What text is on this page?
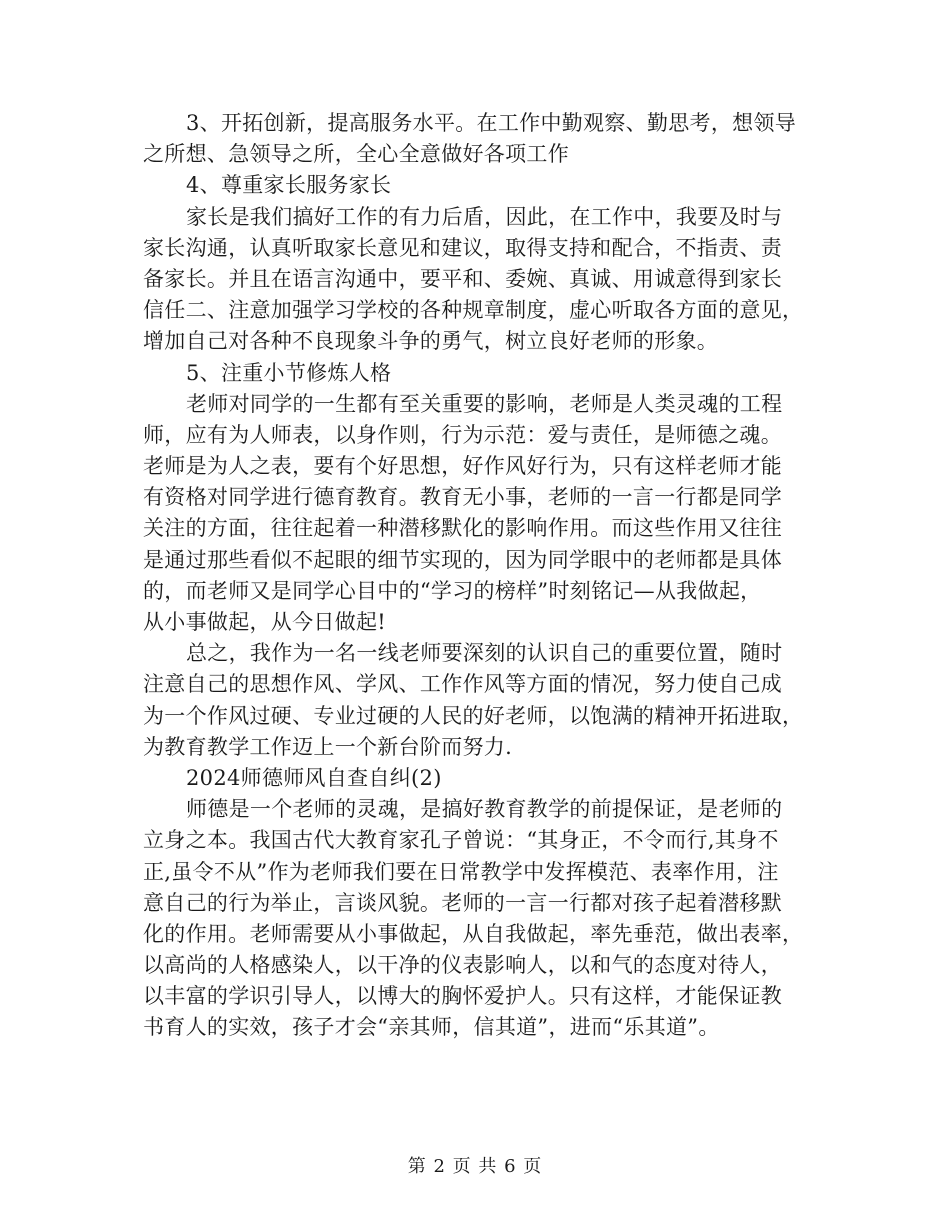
3、开拓创新，提高服务水平。在工作中勤观察、勤思考，想领导
之所想、急领导之所，全心全意做好各项工作
4、尊重家长服务家长
家长是我们搞好工作的有力后盾，因此，在工作中，我要及时与
家长沟通，认真听取家长意见和建议，取得支持和配合，不指责、责
备家长。并且在语言沟通中，要平和、委婉、真诚、用诚意得到家长
信任二、注意加强学习学校的各种规章制度，虚心听取各方面的意见，
增加自己对各种不良现象斗争的勇气，树立良好老师的形象。
5、注重小节修炼人格
老师对同学的一生都有至关重要的影响，老师是人类灵魂的工程
师，应有为人师表，以身作则，行为示范：爱与责任，是师德之魂。
老师是为人之表，要有个好思想，好作风好行为，只有这样老师才能
有资格对同学进行德育教育。教育无小事，老师的一言一行都是同学
关注的方面，往往起着一种潜移默化的影响作用。而这些作用又往往
是通过那些看似不起眼的细节实现的，因为同学眼中的老师都是具体
的，而老师又是同学心目中的“学习的榜样”时刻铭记—从我做起，
从小事做起，从今日做起!
总之，我作为一名一线老师要深刻的认识自己的重要位置，随时
注意自己的思想作风、学风、工作作风等方面的情况，努力使自己成
为一个作风过硬、专业过硬的人民的好老师，以饱满的精神开拓进取，
为教育教学工作迈上一个新台阶而努力.
2024师德师风自查自纠(2)
师德是一个老师的灵魂，是搞好教育教学的前提保证，是老师的
立身之本。我国古代大教育家孔子曾说：“其身正，不令而行,其身不
正,虽令不从”作为老师我们要在日常教学中发挥模范、表率作用，注
意自己的行为举止，言谈风貌。老师的一言一行都对孩子起着潜移默
化的作用。老师需要从小事做起，从自我做起，率先垂范，做出表率，
以高尚的人格感染人，以干净的仪表影响人，以和气的态度对待人，
以丰富的学识引导人，以博大的胸怀爱护人。只有这样，才能保证教
书育人的实效，孩子才会“亲其师，信其道”，进而“乐其道”。
第 2 页 共 6 页
